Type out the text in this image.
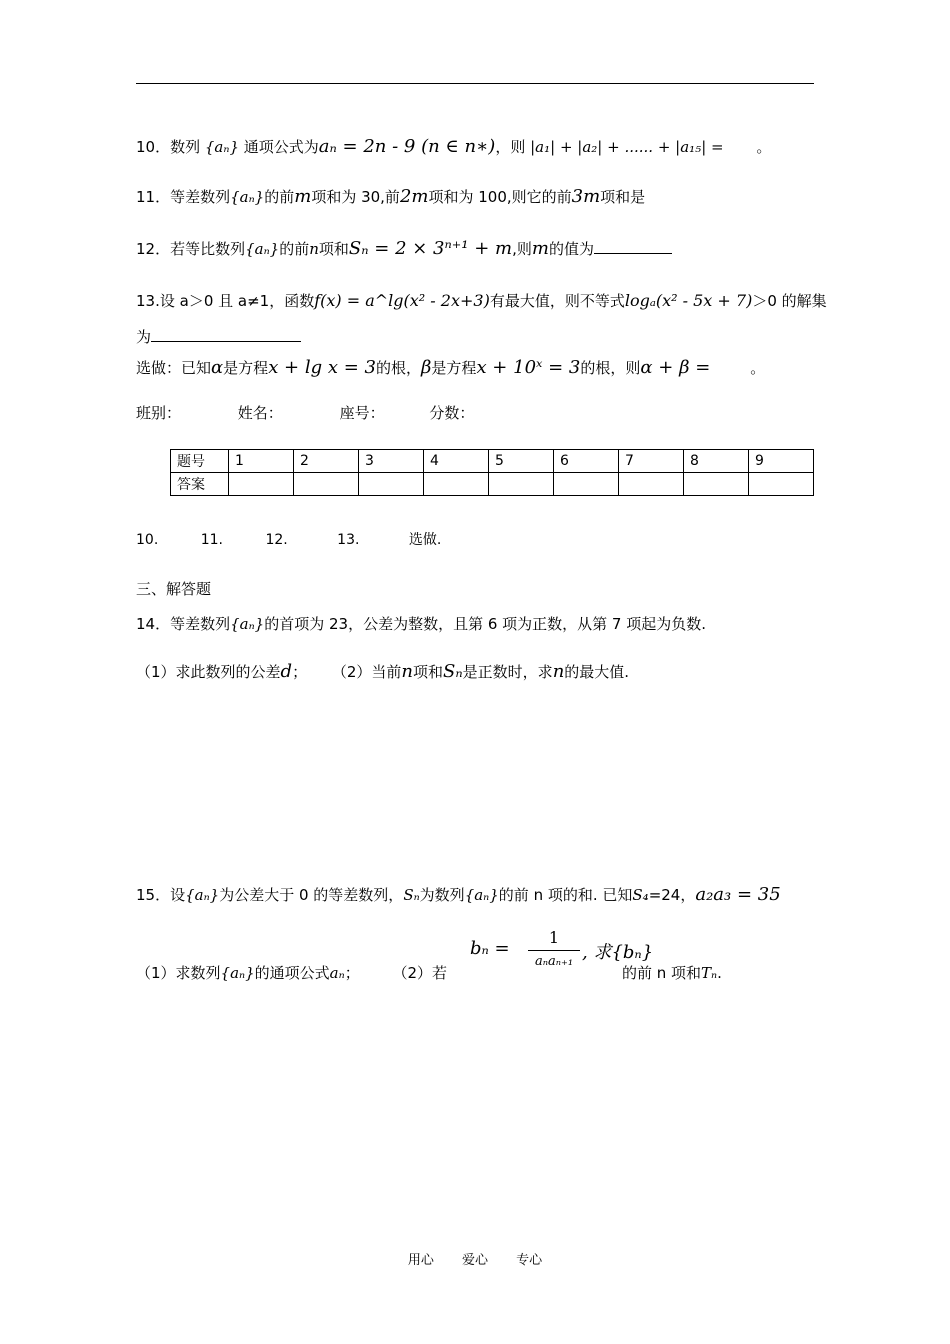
10．数列 {aₙ} 通项公式为aₙ = 2n - 9 (n ∈ n∗)，则 |a₁| + |a₂| + ...... + |a₁₅| = 。
11．等差数列{aₙ}的前m项和为 30,前2m项和为 100,则它的前3m项和是
12．若等比数列{aₙ}的前n项和Sₙ = 2 × 3ⁿ⁺¹ + m,则m的值为
13.设 a＞0 且 a≠1，函数f(x) = a^lg(x² - 2x+3)有最大值，则不等式logₐ(x² - 5x + 7)＞0 的解集
为
选做：已知α是方程x + lg x = 3的根，β是方程x + 10ˣ = 3的根，则α + β =	。
班别：	姓名：	座号：	分数：
题号	1	2	3	4	5	6	7	8	9
答案									
10.	11.	12.	13.	选做.
三、解答题
14．等差数列{aₙ}的首项为 23，公差为整数，且第 6 项为正数，从第 7 项起为负数.
（1）求此数列的公差d； （2）当前n项和Sₙ是正数时，求n的最大值.
15．设{aₙ}为公差大于 0 的等差数列，Sₙ为数列{aₙ}的前 n 项的和. 已知S₄=24，a₂a₃ = 35
（1）求数列{aₙ}的通项公式aₙ； （2）若
bₙ =
1
aₙaₙ₊₁ , 求{bₙ}
的前 n 项和Tₙ.
用心 爱心 专心
